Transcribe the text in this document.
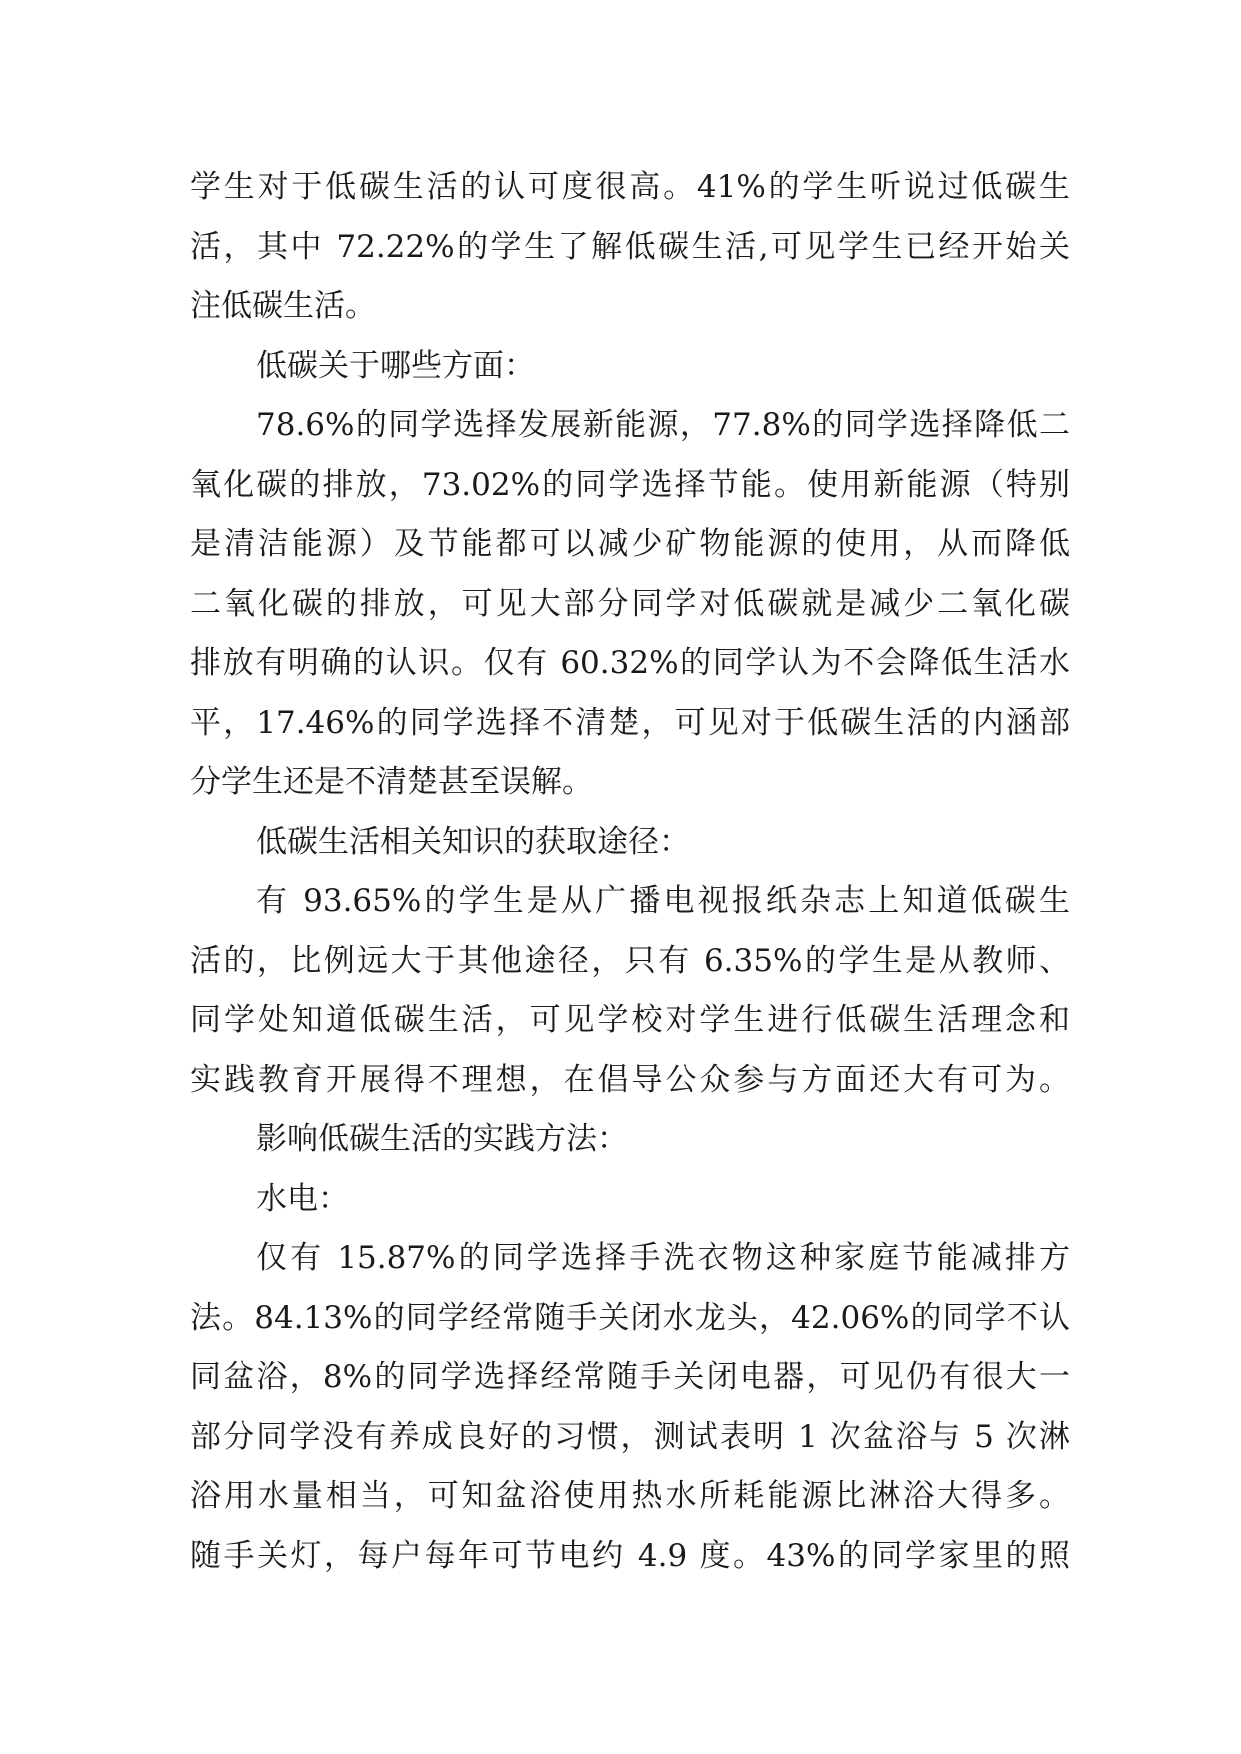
学生对于低碳生活的认可度很高。41%的学生听说过低碳生
活，其中 72.22%的学生了解低碳生活,可见学生已经开始关
注低碳生活。
低碳关于哪些方面：
78.6%的同学选择发展新能源，77.8%的同学选择降低二
氧化碳的排放，73.02%的同学选择节能。使用新能源（特别
是清洁能源）及节能都可以减少矿物能源的使用，从而降低
二氧化碳的排放，可见大部分同学对低碳就是减少二氧化碳
排放有明确的认识。仅有 60.32%的同学认为不会降低生活水
平，17.46%的同学选择不清楚，可见对于低碳生活的内涵部
分学生还是不清楚甚至误解。
低碳生活相关知识的获取途径：
有 93.65%的学生是从广播电视报纸杂志上知道低碳生
活的，比例远大于其他途径，只有 6.35%的学生是从教师、
同学处知道低碳生活，可见学校对学生进行低碳生活理念和
实践教育开展得不理想，在倡导公众参与方面还大有可为。
影响低碳生活的实践方法：
水电：
仅有 15.87%的同学选择手洗衣物这种家庭节能减排方
法。84.13%的同学经常随手关闭水龙头，42.06%的同学不认
同盆浴，8%的同学选择经常随手关闭电器，可见仍有很大一
部分同学没有养成良好的习惯，测试表明 1 次盆浴与 5 次淋
浴用水量相当，可知盆浴使用热水所耗能源比淋浴大得多。
随手关灯，每户每年可节电约 4.9 度。43%的同学家里的照
